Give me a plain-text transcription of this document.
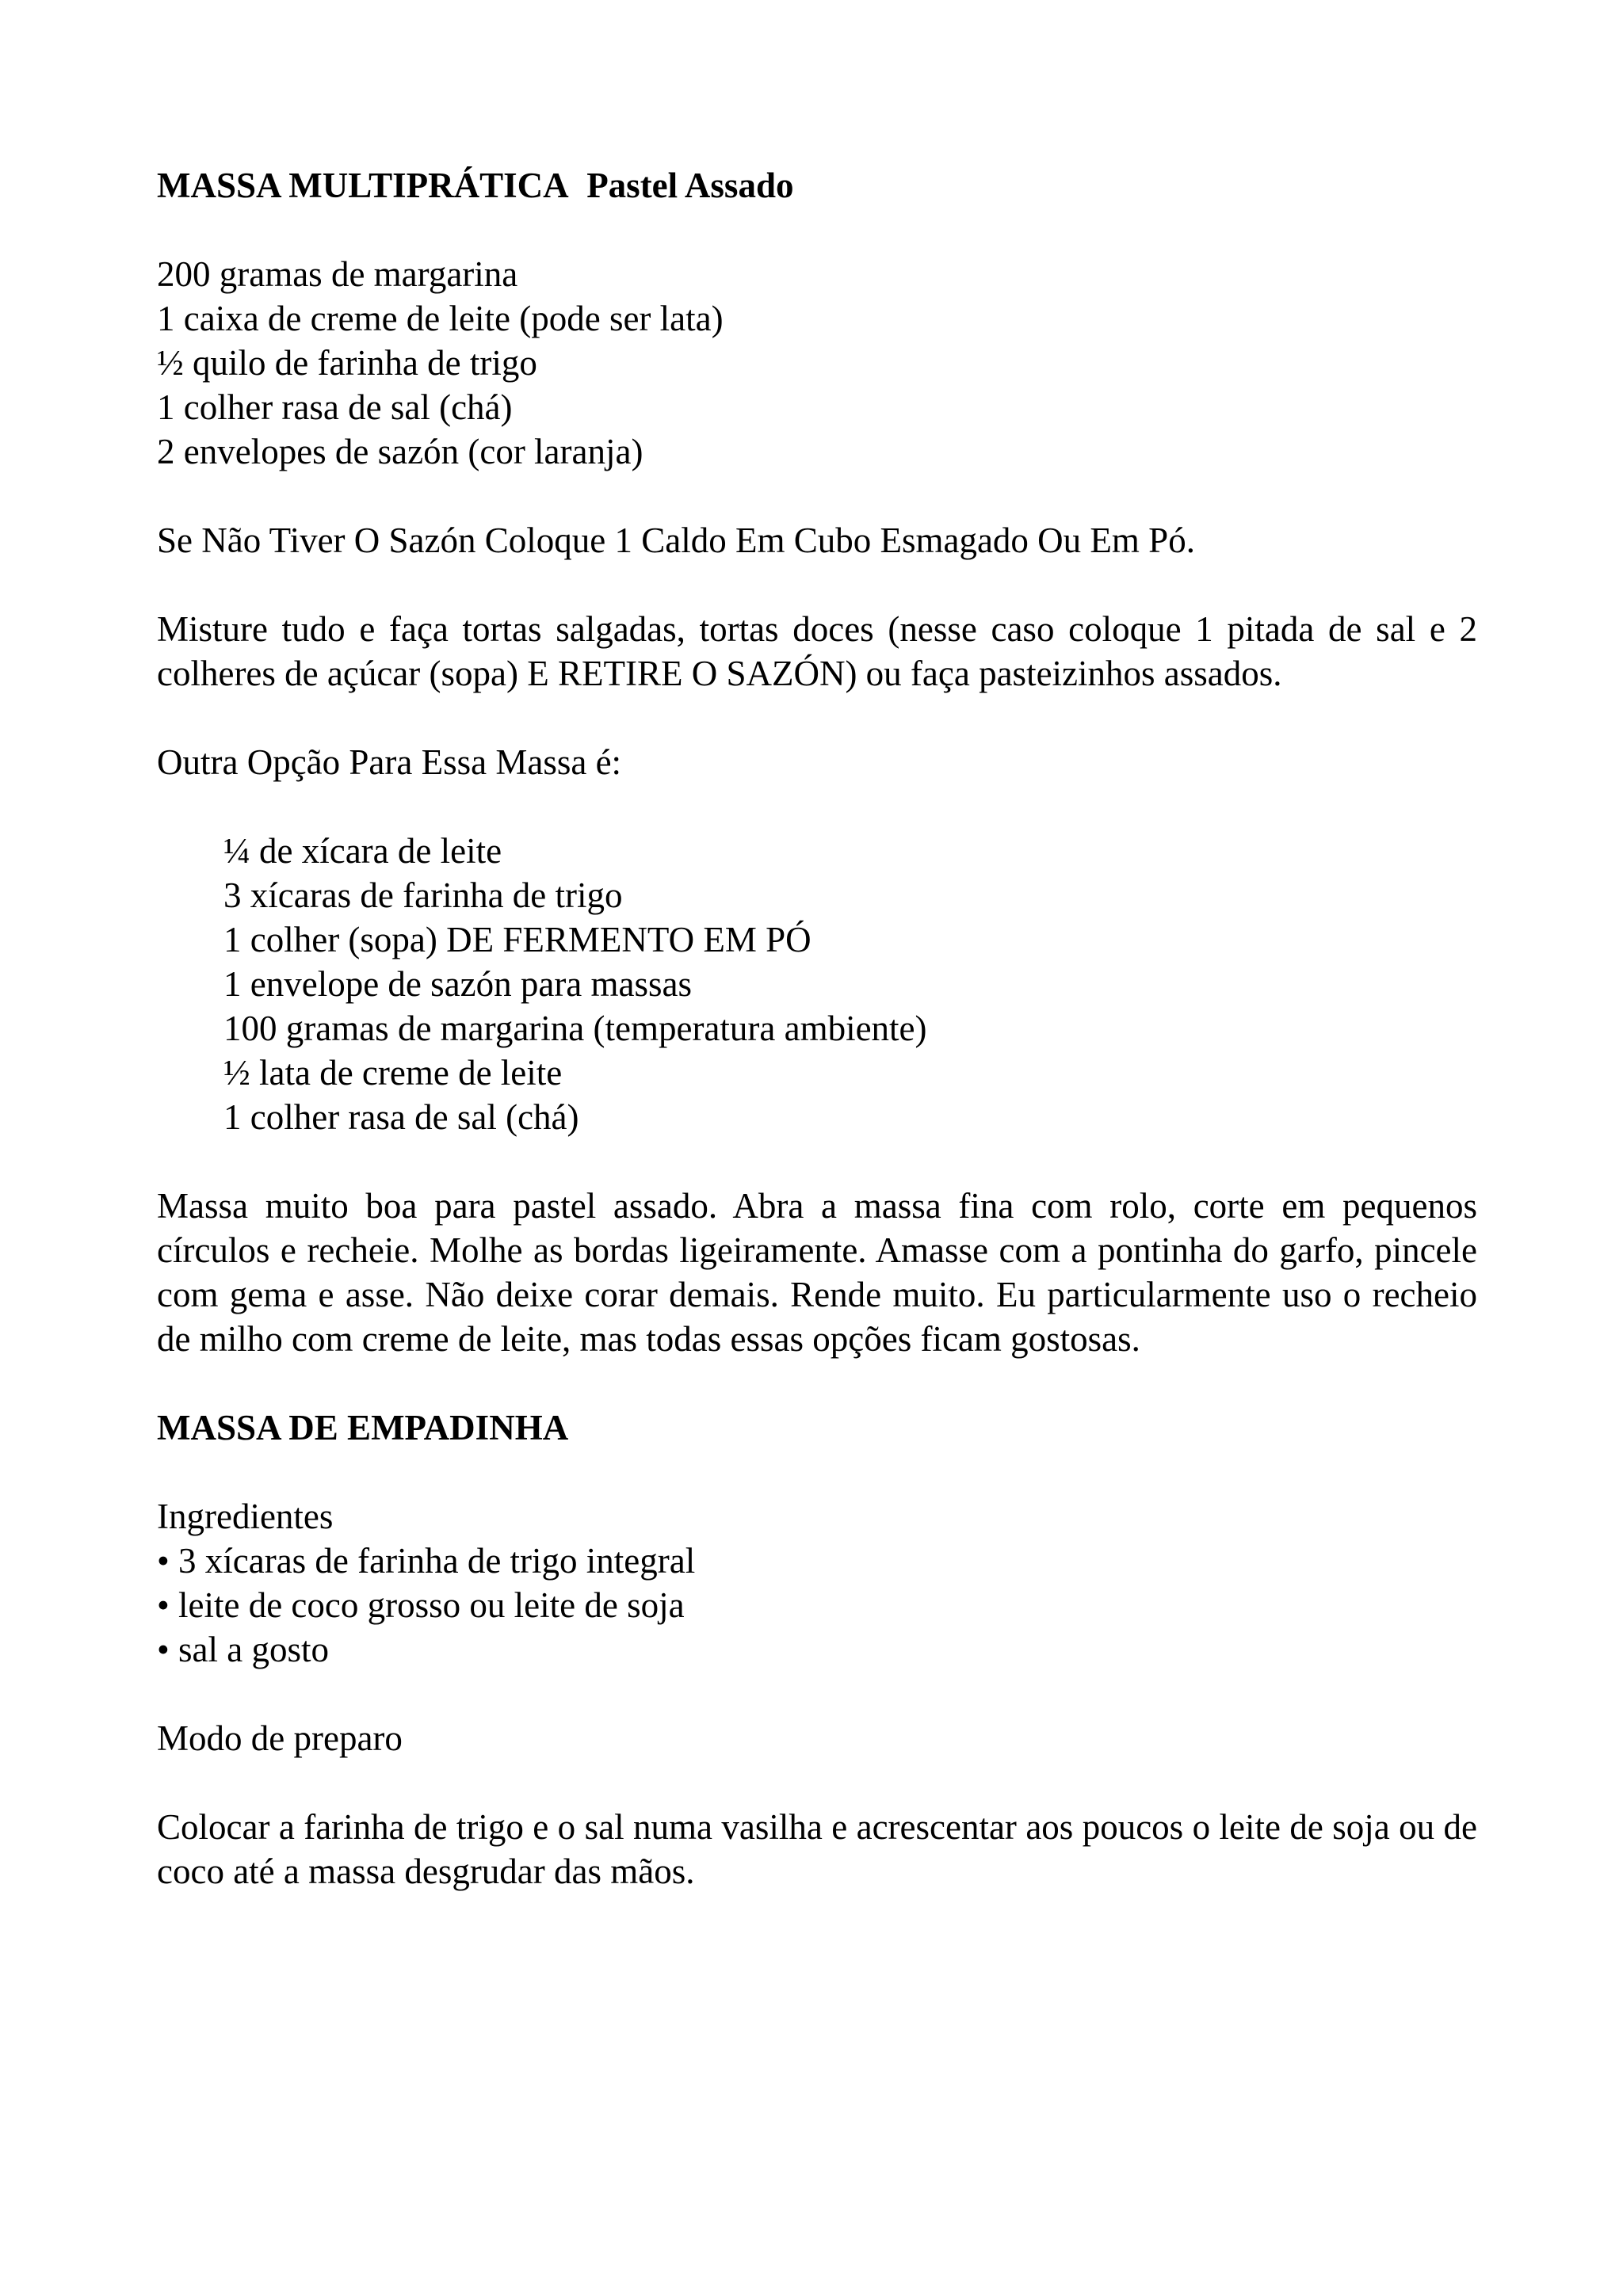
MASSA MULTIPRÁTICA Pastel Assado

200 gramas de margarina

1 caixa de creme de leite (pode ser lata)

½ quilo de farinha de trigo

1 colher rasa de sal (chá)

2 envelopes de sazón (cor laranja)

Se Não Tiver O Sazón Coloque 1 Caldo Em Cubo Esmagado Ou Em Pó.

Misture tudo e faça tortas salgadas, tortas doces (nesse caso coloque 1 pitada de sal e 2 colheres de açúcar (sopa) E RETIRE O SAZÓN) ou faça pasteizinhos assados.

Outra Opção Para Essa Massa é:

¼ de xícara de leite

3 xícaras de farinha de trigo

1 colher (sopa) DE FERMENTO EM PÓ

1 envelope de sazón para massas

100 gramas de margarina (temperatura ambiente)

½ lata de creme de leite

1 colher rasa de sal (chá)

Massa muito boa para pastel assado. Abra a massa fina com rolo, corte em pequenos círculos e recheie. Molhe as bordas ligeiramente. Amasse com a pontinha do garfo, pincele com gema e asse. Não deixe corar demais. Rende muito. Eu particularmente uso o recheio de milho com creme de leite, mas todas essas opções ficam gostosas.

MASSA DE EMPADINHA

Ingredientes

• 3 xícaras de farinha de trigo integral

• leite de coco grosso ou leite de soja

• sal a gosto

Modo de preparo

Colocar a farinha de trigo e o sal numa vasilha e acrescentar aos poucos o leite de soja ou de coco até a massa desgrudar das mãos.
